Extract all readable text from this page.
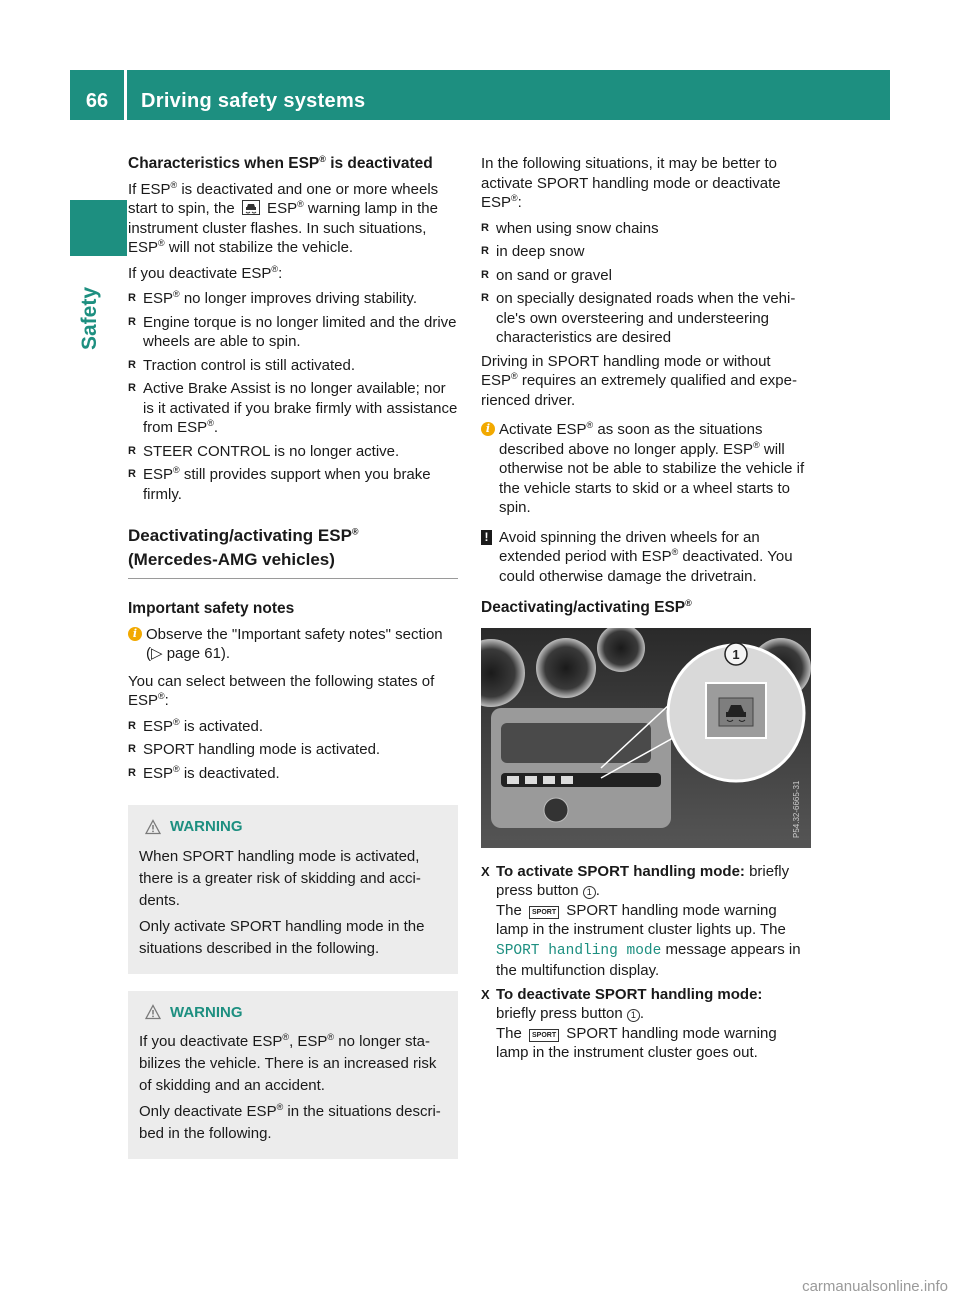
66	Driving safety systems
Safety
Characteristics when ESP® is deactivated
If ESP® is deactivated and one or more wheels start to spin, the  ESP® warning lamp in the instrument cluster flashes. In such situations, ESP® will not stabilize the vehicle.
If you deactivate ESP®:
R ESP® no longer improves driving stability.
R Engine torque is no longer limited and the drive wheels are able to spin.
R Traction control is still activated.
R Active Brake Assist is no longer available; nor is it activated if you brake firmly with assistance from ESP®.
R STEER CONTROL is no longer active.
R ESP® still provides support when you brake firmly.
Deactivating/activating ESP®
(Mercedes-AMG vehicles)
Important safety notes
i Observe the "Important safety notes" section (▷ page 61).
You can select between the following states of ESP®:
R ESP® is activated.
R SPORT handling mode is activated.
R ESP® is deactivated.
WARNING
When SPORT handling mode is activated, there is a greater risk of skidding and accidents.
Only activate SPORT handling mode in the situations described in the following.
WARNING
If you deactivate ESP®, ESP® no longer stabilizes the vehicle. There is an increased risk of skidding and an accident.
Only deactivate ESP® in the situations described in the following.
In the following situations, it may be better to activate SPORT handling mode or deactivate ESP®:
R when using snow chains
R in deep snow
R on sand or gravel
R on specially designated roads when the vehicle's own oversteering and understeering characteristics are desired
Driving in SPORT handling mode or without ESP® requires an extremely qualified and experienced driver.
i Activate ESP® as soon as the situations described above no longer apply. ESP® will otherwise not be able to stabilize the vehicle if the vehicle starts to skid or a wheel starts to spin.
! Avoid spinning the driven wheels for an extended period with ESP® deactivated. You could otherwise damage the drivetrain.
Deactivating/activating ESP®
1
P54.32-6665-31
X To activate SPORT handling mode: briefly press button 1 .
The SPORT SPORT handling mode warning lamp in the instrument cluster lights up. The SPORT handling mode message appears in the multifunction display.
X To deactivate SPORT handling mode:
briefly press button 1 .
The SPORT SPORT handling mode warning lamp in the instrument cluster goes out.
carmanualsonline.info
